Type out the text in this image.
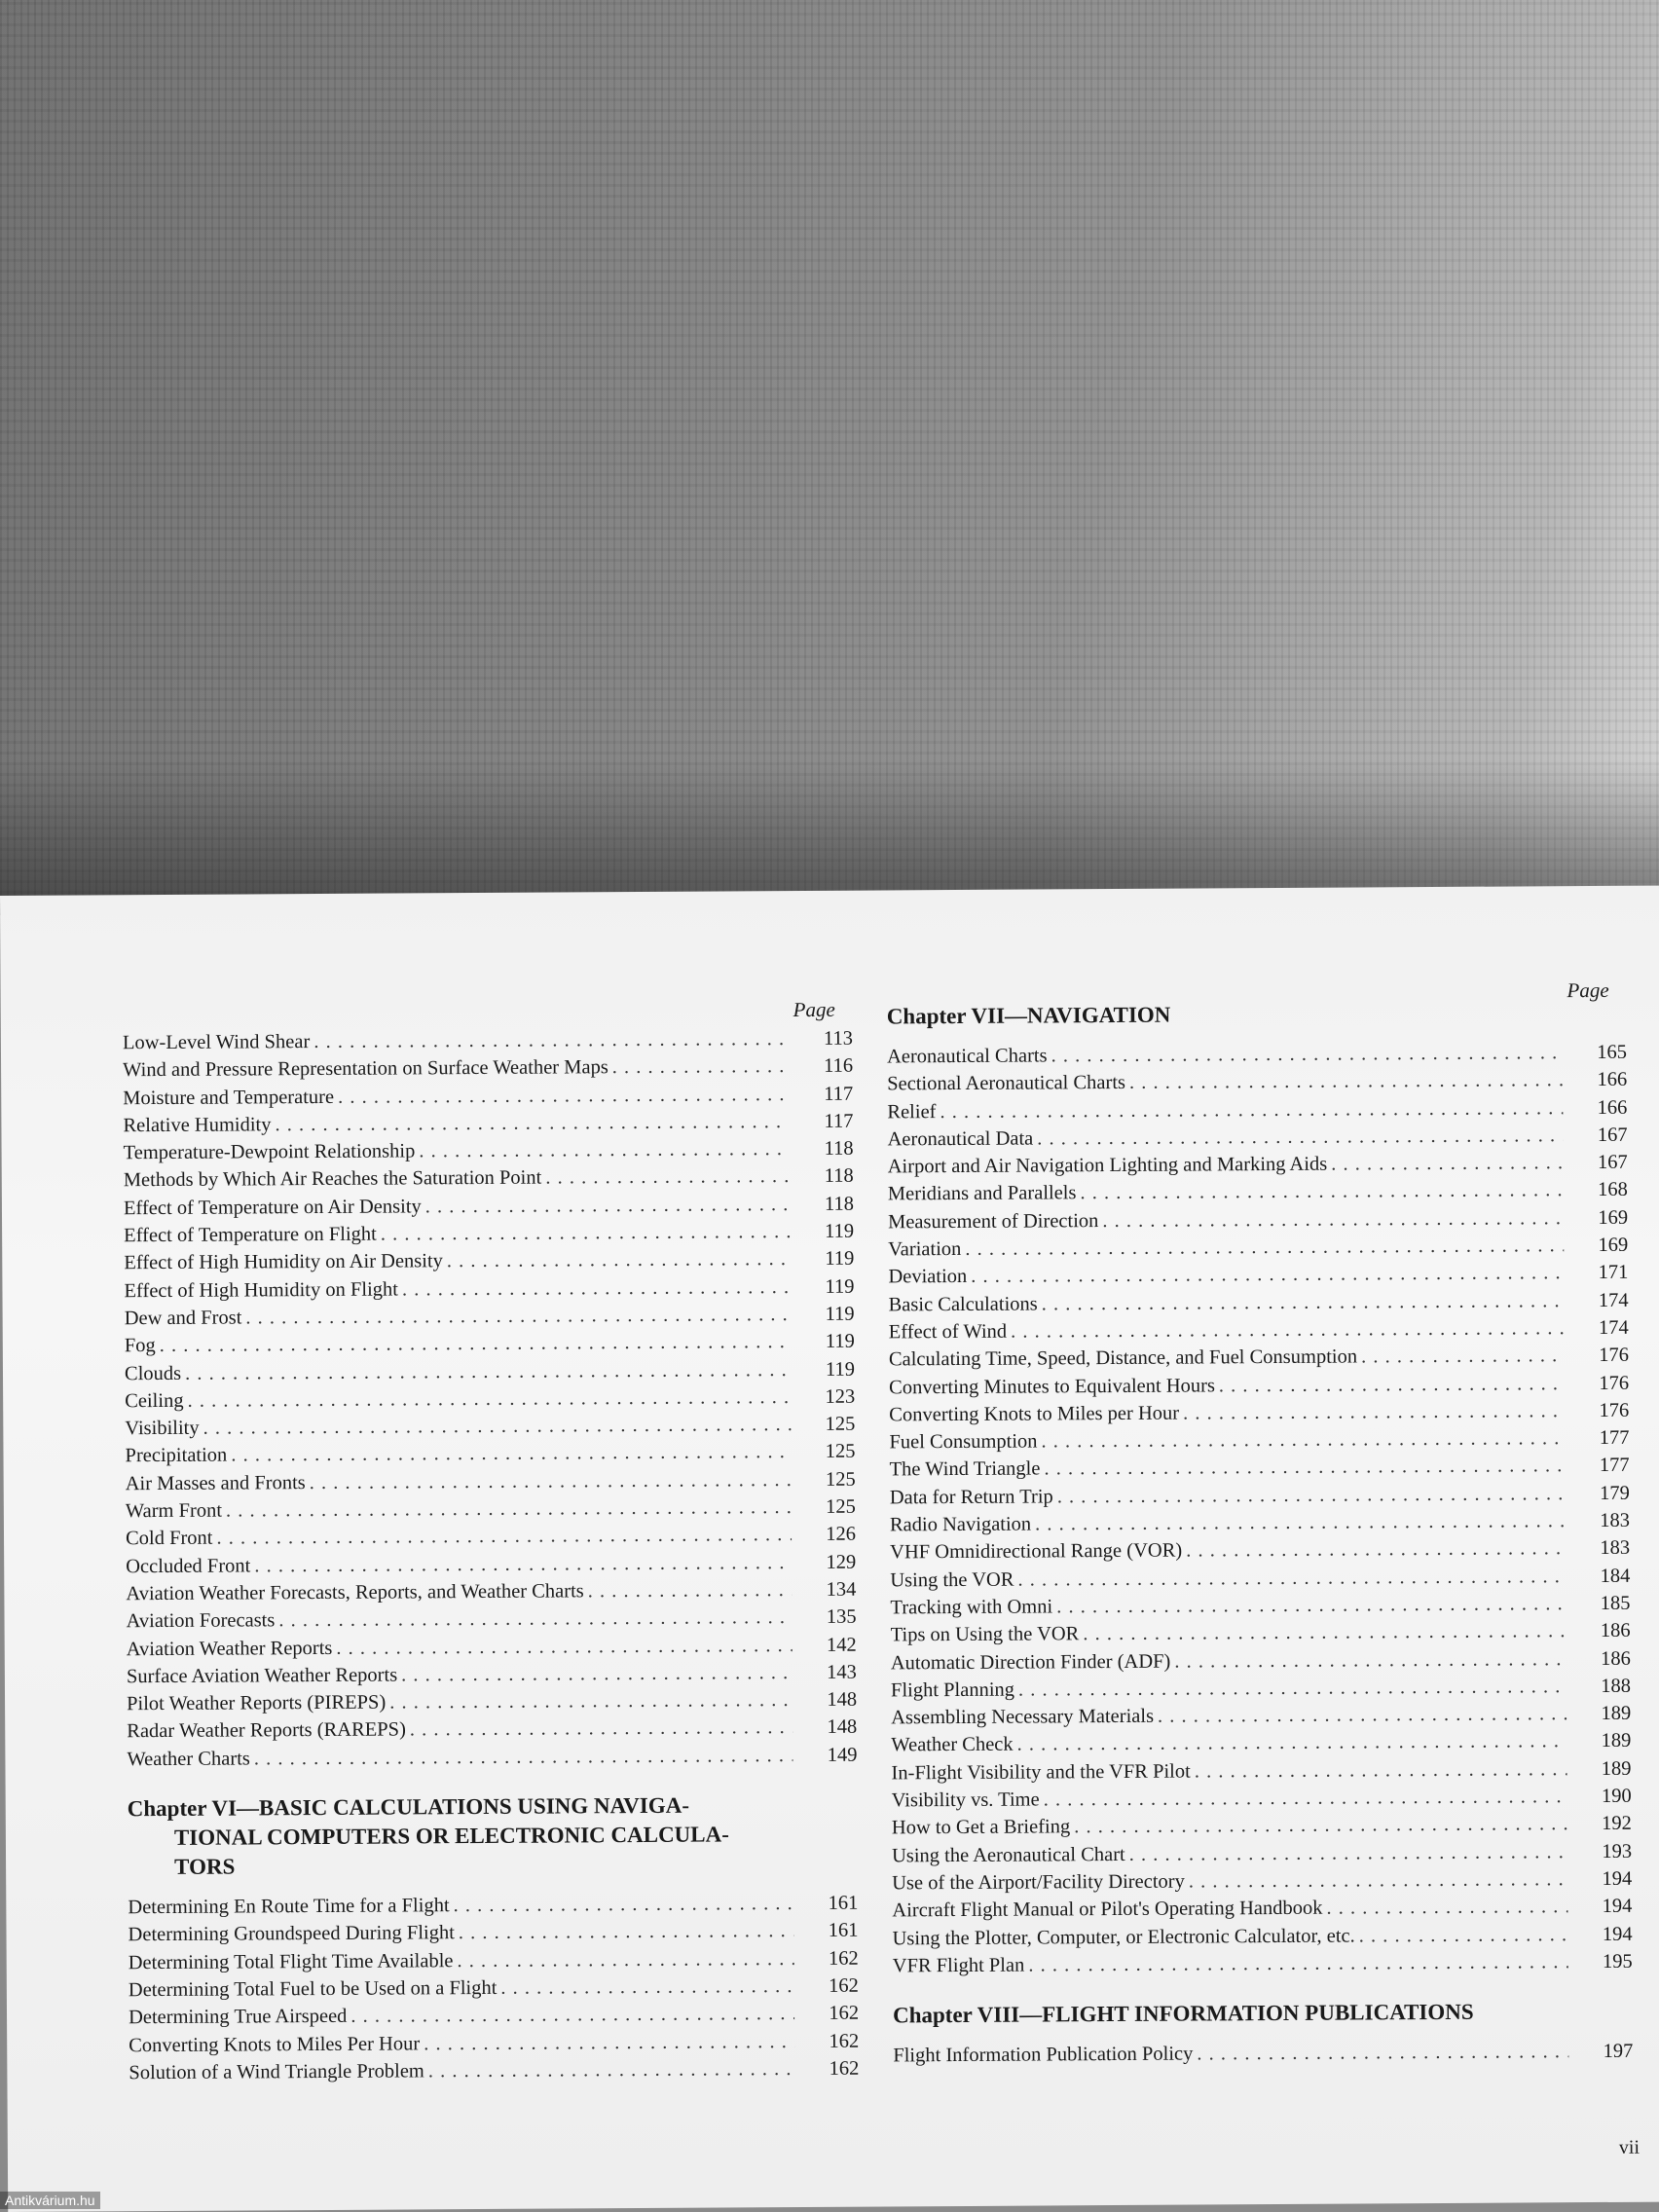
Page
Low-Level Wind Shear . . .	113
Wind and Pressure Representation on Surface Weather Maps . . .	116
Moisture and Temperature . . .	117
Relative Humidity . . .	117
Temperature-Dewpoint Relationship . . .	118
Methods by Which Air Reaches the Saturation Point . . .	118
Effect of Temperature on Air Density . . .	118
Effect of Temperature on Flight . . .	119
Effect of High Humidity on Air Density . . .	119
Effect of High Humidity on Flight . . .	119
Dew and Frost . . .	119
Fog . . .	119
Clouds . . .	119
Ceiling . . .	123
Visibility . . .	125
Precipitation . . .	125
Air Masses and Fronts . . .	125
Warm Front . . .	125
Cold Front . . .	126
Occluded Front . . .	129
Aviation Weather Forecasts, Reports, and Weather Charts . . .	134
Aviation Forecasts . . .	135
Aviation Weather Reports . . .	142
Surface Aviation Weather Reports . . .	143
Pilot Weather Reports (PIREPS) . . .	148
Radar Weather Reports (RAREPS) . . .	148
Weather Charts . . .	149
Chapter VI—BASIC CALCULATIONS USING NAVIGA-
TIONAL COMPUTERS OR ELECTRONIC CALCULA-
TORS
Determining En Route Time for a Flight . . .	161
Determining Groundspeed During Flight . . .	161
Determining Total Flight Time Available . . .	162
Determining Total Fuel to be Used on a Flight . . .	162
Determining True Airspeed . . .	162
Converting Knots to Miles Per Hour . . .	162
Solution of a Wind Triangle Problem . . .	162
Page
Chapter VII—NAVIGATION
Aeronautical Charts . . .	165
Sectional Aeronautical Charts . . .	166
Relief . . .	166
Aeronautical Data . . .	167
Airport and Air Navigation Lighting and Marking Aids . . .	167
Meridians and Parallels . . .	168
Measurement of Direction . . .	169
Variation . . .	169
Deviation . . .	171
Basic Calculations . . .	174
Effect of Wind . . .	174
Calculating Time, Speed, Distance, and Fuel Consumption . . .	176
Converting Minutes to Equivalent Hours . . .	176
Converting Knots to Miles per Hour . . .	176
Fuel Consumption . . .	177
The Wind Triangle . . .	177
Data for Return Trip . . .	179
Radio Navigation . . .	183
VHF Omnidirectional Range (VOR) . . .	183
Using the VOR . . .	184
Tracking with Omni . . .	185
Tips on Using the VOR . . .	186
Automatic Direction Finder (ADF) . . .	186
Flight Planning . . .	188
Assembling Necessary Materials . . .	189
Weather Check . . .	189
In-Flight Visibility and the VFR Pilot . . .	189
Visibility vs. Time . . .	190
How to Get a Briefing . . .	192
Using the Aeronautical Chart . . .	193
Use of the Airport/Facility Directory . . .	194
Aircraft Flight Manual or Pilot's Operating Handbook . . .	194
Using the Plotter, Computer, or Electronic Calculator, etc. . . .	194
VFR Flight Plan . . .	195
Chapter VIII—FLIGHT INFORMATION PUBLICATIONS
Flight Information Publication Policy . . .	197
vii
Antikvárium.hu
